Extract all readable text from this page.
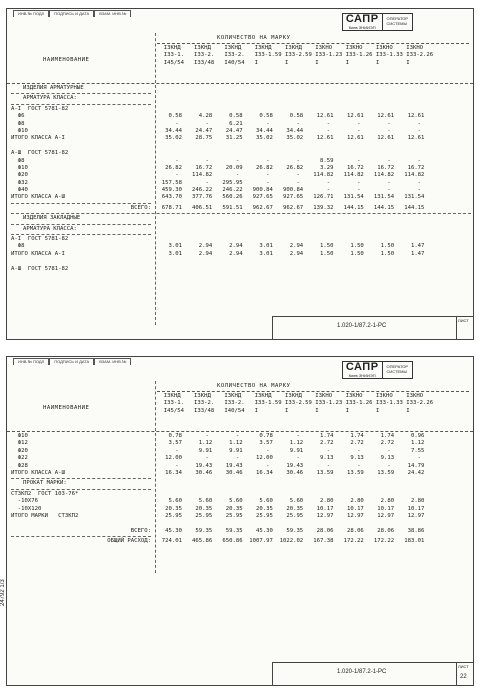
ИНВ.№ ПОДЛ	ПОДПИСЬ И ДАТА	ВЗАМ. ИНВ.№	САПР
Киев ЗНИИЭП
ОПЕРАТОР
СИСТЕМЫ
НАИМЕНОВАНИЕ
КОЛИЧЕСТВО НА МАРКУ
I3КНД    I3КНД    I3КНД    I3КНД    I3КНД    I3КНО    I3КНО    I3КНО    I3КНО
I33-1.   I33-2.   I33-2.   I33-1.59 I33-2.59 I33-1.23 I33-1.26 I33-1.33 I33-2.26
I45/54   I33/48   I40/54   I        I        I        I        I        I
ИЗДЕЛИЯ АРМАТУРНЫЕ
АРМАТУРА КЛАССА:
А-I  ГОСТ 5781-82
Ф6	0.58     4.28     0.58     0.58     0.58    12.61    12.61    12.61    12.61
Ф8	-        -      6.21       -        -        -        -        -        -
Ф10	34.44    24.47    24.47    34.44    34.44       -        -        -        -
ИТОГО КЛАССА А-I	35.02    28.75    31.25    35.02    35.02    12.61    12.61    12.61    12.61
А-Ш  ГОСТ 5781-82
Ф8	-        -        -        -        -      8.59       -        -        -
Ф10	26.82    16.72    20.09    26.82    26.82     3.29    16.72    16.72    16.72
Ф20	-    114.82       -        -        -    114.82   114.82   114.82   114.82
Ф32	157.58       -    295.95       -        -        -        -        -        -
Ф40	459.30   246.22   246.22   900.84   900.84       -        -        -        -
ИТОГО КЛАССА А-Ш	643.70   377.76   560.26   927.65   927.65   126.71   131.54   131.54   131.54
ВСЕГО: 678.71   406.51   591.51   962.67   962.67   139.32   144.15   144.15   144.15
ИЗДЕЛИЯ ЗАКЛАДНЫЕ
АРМАТУРА КЛАССА:
А-I  ГОСТ 5781-82
Ф8	3.01     2.94     2.94     3.01     2.94     1.50     1.50     1.50     1.47
ИТОГО КЛАССА А-I	3.01     2.94     2.94     3.01     2.94     1.50     1.50     1.50     1.47
А-Ш  ГОСТ 5781-82
1.020-1/87.2-1-РС
ЛИСТ
ИНВ.№ ПОДЛ	ПОДПИСЬ И ДАТА	ВЗАМ. ИНВ.№	САПР
Киев ЗНИИЭП
ОПЕРАТОР
СИСТЕМЫ
НАИМЕНОВАНИЕ
КОЛИЧЕСТВО НА МАРКУ
I3КНД    I3КНД    I3КНД    I3КНД    I3КНД    I3КНО    I3КНО    I3КНО    I3КНО
I33-1.   I33-2.   I33-2.   I33-1.59 I33-2.59 I33-1.23 I33-1.26 I33-1.33 I33-2.26
I45/54   I33/48   I40/54   I        I        I        I        I        I
Ф10	0.78       -        -      0.78       -      1.74     1.74     1.74     0.96
Ф12	3.57     1.12     1.12     3.57     1.12     2.72     2.72     2.72     1.12
Ф20	-      9.91     9.91       -      9.91       -        -        -      7.55
Ф22	12.00       -        -     12.00       -      9.13     9.13     9.13       -
Ф28	-     19.43    19.43       -     19.43       -        -        -     14.79
ИТОГО КЛАССА А-Ш	16.34    30.46    30.46    16.34    30.46    13.59    13.59    13.59    24.42
ПРОКАТ МАРКИ:
СТ3КП2  ГОСТ 103-76*
-10Х76	5.60     5.60     5.60     5.60     5.60     2.80     2.80     2.80     2.80
-10Х120	20.35    20.35    20.35    20.35    20.35    10.17    10.17    10.17    10.17
ИТОГО МАРКИ   СТ3КП2	25.95    25.95    25.95    25.95    25.95    12.97    12.97    12.97    12.97
ВСЕГО: 45.30    59.35    59.35    45.30    59.35    28.06    28.06    28.06    38.86
ОБЩИЙ РАСХОД: 724.01   465.86   650.86  1007.97  1022.02   167.38   172.22   172.22   183.01
1.020-1/87.2-1-РС
ЛИСТ
22
24792 1/3
